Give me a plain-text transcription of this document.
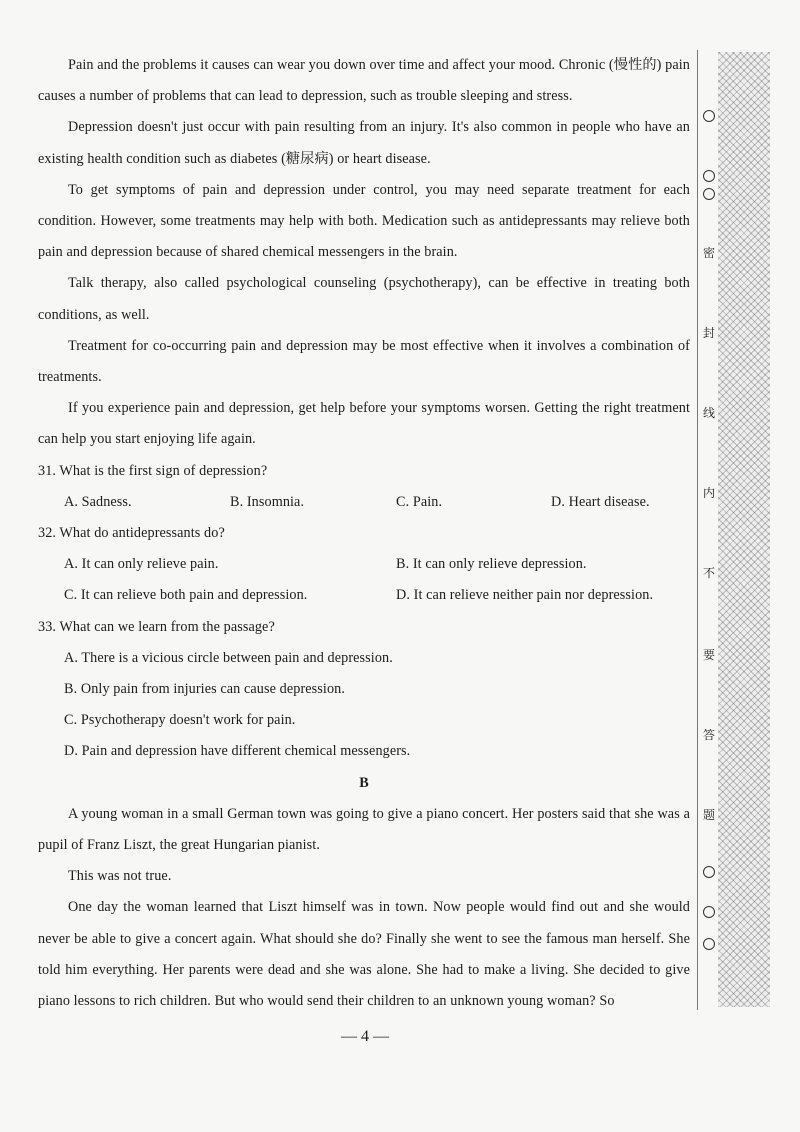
Pain and the problems it causes can wear you down over time and affect your mood. Chronic (慢性的) pain causes a number of problems that can lead to depression, such as trouble sleeping and stress.

Depression doesn't just occur with pain resulting from an injury. It's also common in people who have an existing health condition such as diabetes (糖尿病) or heart disease.

To get symptoms of pain and depression under control, you may need separate treatment for each condition. However, some treatments may help with both. Medication such as antidepressants may relieve both pain and depression because of shared chemical messengers in the brain.

Talk therapy, also called psychological counseling (psychotherapy), can be effective in treating both conditions, as well.

Treatment for co-occurring pain and depression may be most effective when it involves a combination of treatments.

If you experience pain and depression, get help before your symptoms worsen. Getting the right treatment can help you start enjoying life again.

31. What is the first sign of depression?

A. Sadness.	B. Insomnia.	C. Pain.	D. Heart disease.

32. What do antidepressants do?

A. It can only relieve pain.	B. It can only relieve depression.
C. It can relieve both pain and depression.	D. It can relieve neither pain nor depression.

33. What can we learn from the passage?

A. There is a vicious circle between pain and depression.

B. Only pain from injuries can cause depression.

C. Psychotherapy doesn't work for pain.

D. Pain and depression have different chemical messengers.

B

A young woman in a small German town was going to give a piano concert. Her posters said that she was a pupil of Franz Liszt, the great Hungarian pianist.

This was not true.

One day the woman learned that Liszt himself was in town. Now people would find out and she would never be able to give a concert again. What should she do? Finally she went to see the famous man herself. She told him everything. Her parents were dead and she was alone. She had to make a living. She decided to give piano lessons to rich children. But who would send their children to an unknown young woman? So

— 4 —
密
封
线
内
不
要
答
题
